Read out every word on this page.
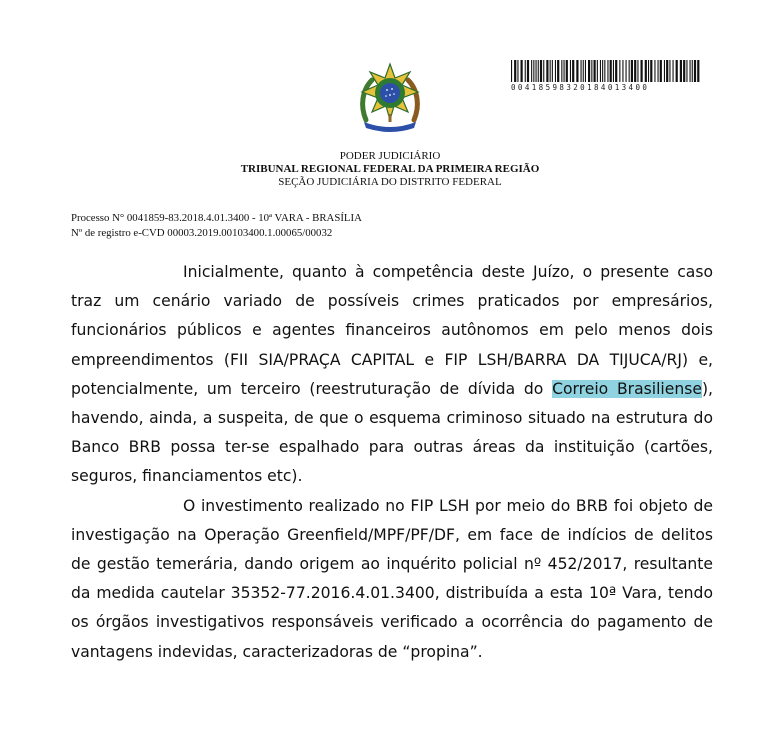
00418598320184013400
PODER JUDICIÁRIO
TRIBUNAL REGIONAL FEDERAL DA PRIMEIRA REGIÃO
SEÇÃO JUDICIÁRIA DO DISTRITO FEDERAL
Processo N° 0041859-83.2018.4.01.3400 - 10ª VARA - BRASÍLIA
Nº de registro e-CVD 00003.2019.00103400.1.00065/00032

Inicialmente, quanto à competência deste Juízo, o presente caso traz um cenário variado de possíveis crimes praticados por empresários, funcionários públicos e agentes financeiros autônomos em pelo menos dois empreendimentos (FII SIA/PRAÇA CAPITAL e FIP LSH/BARRA DA TIJUCA/RJ) e, potencialmente, um terceiro (reestruturação de dívida do Correio Brasiliense), havendo, ainda, a suspeita, de que o esquema criminoso situado na estrutura do Banco BRB possa ter-se espalhado para outras áreas da instituição (cartões, seguros, financiamentos etc).

O investimento realizado no FIP LSH por meio do BRB foi objeto de investigação na Operação Greenfield/MPF/PF/DF, em face de indícios de delitos de gestão temerária, dando origem ao inquérito policial nº 452/2017, resultante da medida cautelar 35352-77.2016.4.01.3400, distribuída a esta 10ª Vara, tendo os órgãos investigativos responsáveis verificado a ocorrência do pagamento de vantagens indevidas, caracterizadoras de “propina”.
